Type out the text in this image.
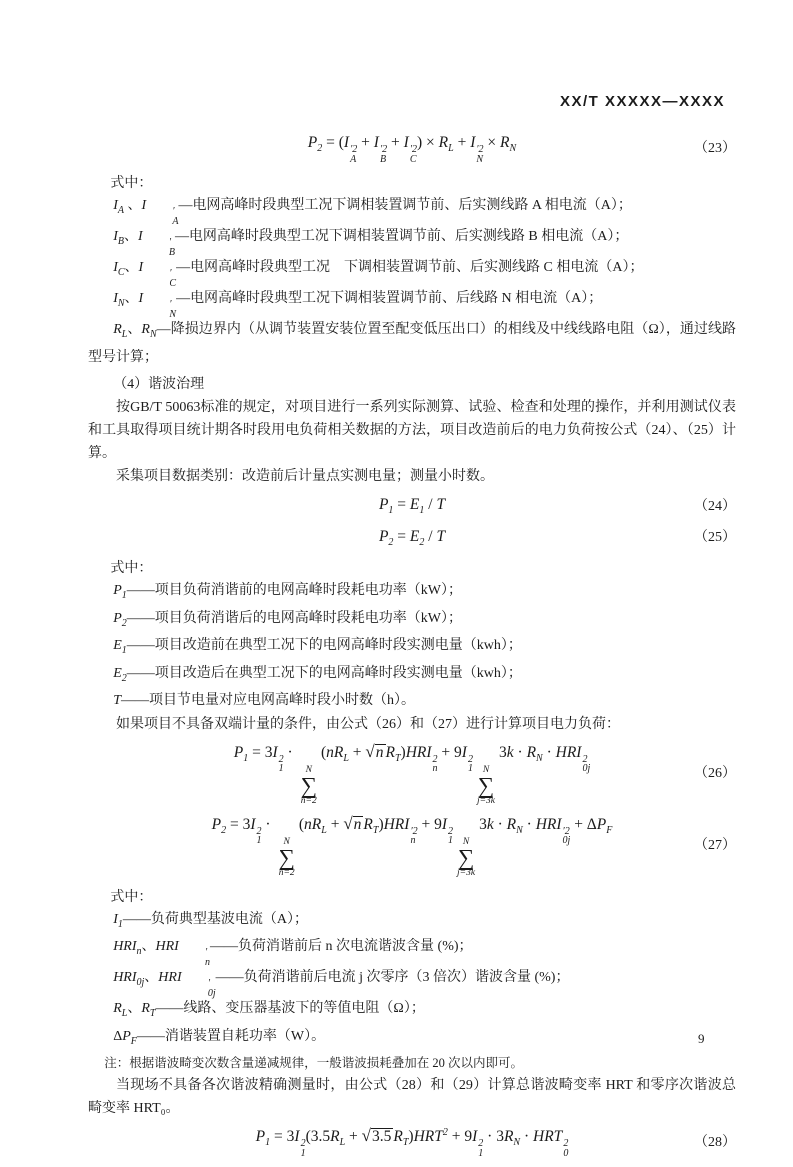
XX/T XXXXX—XXXX
$P_2 = (I$ ′2
A
+ I ′2
B
+ I ′2
C
) × $R_L + I$ ′2
N
× $R_N$	（23）

式中：

$I_A$ 、I	′
A
—电网高峰时段典型工况下调相装置调节前、后实测线路 A 相电流（A）；

$I_B$、I	′
B
—电网高峰时段典型工况下调相装置调节前、后实测线路 B 相电流（A）；

$I_C$、I	′
C
—电网高峰时段典型工况　下调相装置调节前、后实测线路 C 相电流（A）；

$I_N$、I	′
N
—电网高峰时段典型工况下调相装置调节前、后线路 N 相电流（A）；

$R_L$、$R_N—$降损边界内（从调节装置安装位置至配变低压出口）的相线及中线线路电阻（Ω），通过线路型号计算；

（4）谐波治理

按GB/T 50063标准的规定，对项目进行一系列实际测算、试验、检查和处理的操作，并利用测试仪表和工具取得项目统计期各时段用电负荷相关数据的方法，项目改造前后的电力负荷按公式（24）、（25）计算。

采集项目数据类别：改造前后计量点实测电量；测量小时数。

$P_1 = E_1 / T$	（24）
$P_2 = E_2 / T$	（25）

式中：

$P_1——$项目负荷消谐前的电网高峰时段耗电功率（kW）；

$P_2——$项目负荷消谐后的电网高峰时段耗电功率（kW）；

$E_1——$项目改造前在典型工况下的电网高峰时段实测电量（kwh）；

$E_2——$项目改造后在典型工况下的电网高峰时段实测电量（kwh）；

T——项目节电量对应电网高峰时段小时数（h）。

如果项目不具备双端计量的条件，由公式（26）和（27）进行计算项目电力负荷：

$P_1 = 3I$ 2
1
·
N
∑
n=2
($nR_L$ + √ n $R_T)HRI$ 2
n
+ 9I 2
1 N
∑
j=3k
$3k \cdot R_N$ · HRI 2
0j	（26）
$P_2 = 3I$ 2
1
·
N
∑
n=2
($nR_L$ + √ n $R_T)HRI$ ′2
n
+ 9I 2
1 N
∑
j=3k
$3k \cdot R_N$ · HRI ′2
0j
+ $\Delta P_F$
（27）

式中：

$I_1——$负荷典型基波电流（A）；

$HRI_n$、HRI	′
n
——负荷消谐前后 n 次电流谐波含量 (%)；

$HRI_{0j}$、HRI	′
0j
——负荷消谐前后电流 j 次零序（3 倍次）谐波含量 (%)；

$R_L$、$R_T——$线路、变压器基波下的等值电阻（Ω）；

$\Delta P_F——$消谐装置自耗功率（W）。

注：根据谐波畸变次数含量递减规律，一般谐波损耗叠加在 20 次以内即可。

当现场不具备各次谐波精确测量时，由公式（28）和（29）计算总谐波畸变率 HRT 和零序次谐波总畸变率 HRT₀。

$P_1 = 3I$ 2
1
($3.5R_L$ + √ 3.5 $R_T)HRT^2 + 9I$ 2
1
· $3R_N$ · HRT 2
0
（28）
9
